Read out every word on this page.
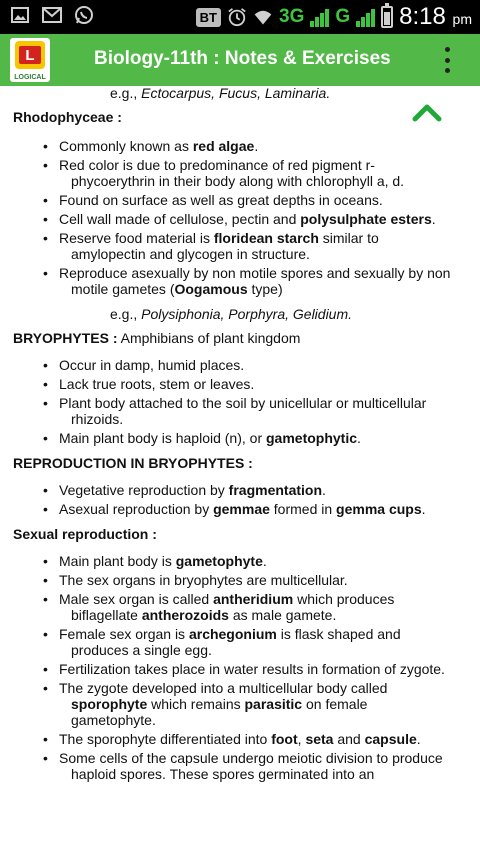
BT	3G G 8:18 pm
L
LOGICAL
Biology-11th : Notes & Exercises
e.g., Ectocarpus, Fucus, Laminaria.
Rhodophyceae :
• Commonly known as red algae.
• Red color is due to predominance of red pigment r-
phycoerythrin in their body along with chlorophyll a, d.
• Found on surface as well as great depths in oceans.
• Cell wall made of cellulose, pectin and polysulphate esters.
• Reserve food material is floridean starch similar to
amylopectin and glycogen in structure.
• Reproduce asexually by non motile spores and sexually by non
motile gametes (Oogamous type)
e.g., Polysiphonia, Porphyra, Gelidium.
BRYOPHYTES : Amphibians of plant kingdom
• Occur in damp, humid places.
• Lack true roots, stem or leaves.
• Plant body attached to the soil by unicellular or multicellular
rhizoids.
• Main plant body is haploid (n), or gametophytic.
REPRODUCTION IN BRYOPHYTES :
• Vegetative reproduction by fragmentation.
• Asexual reproduction by gemmae formed in gemma cups.
Sexual reproduction :
• Main plant body is gametophyte.
• The sex organs in bryophytes are multicellular.
• Male sex organ is called antheridium which produces
biflagellate antherozoids as male gamete.
• Female sex organ is archegonium is flask shaped and
produces a single egg.
• Fertilization takes place in water results in formation of zygote.
• The zygote developed into a multicellular body called
sporophyte which remains parasitic on female
gametophyte.
• The sporophyte differentiated into foot, seta and capsule.
• Some cells of the capsule undergo meiotic division to produce
haploid spores. These spores germinated into an
